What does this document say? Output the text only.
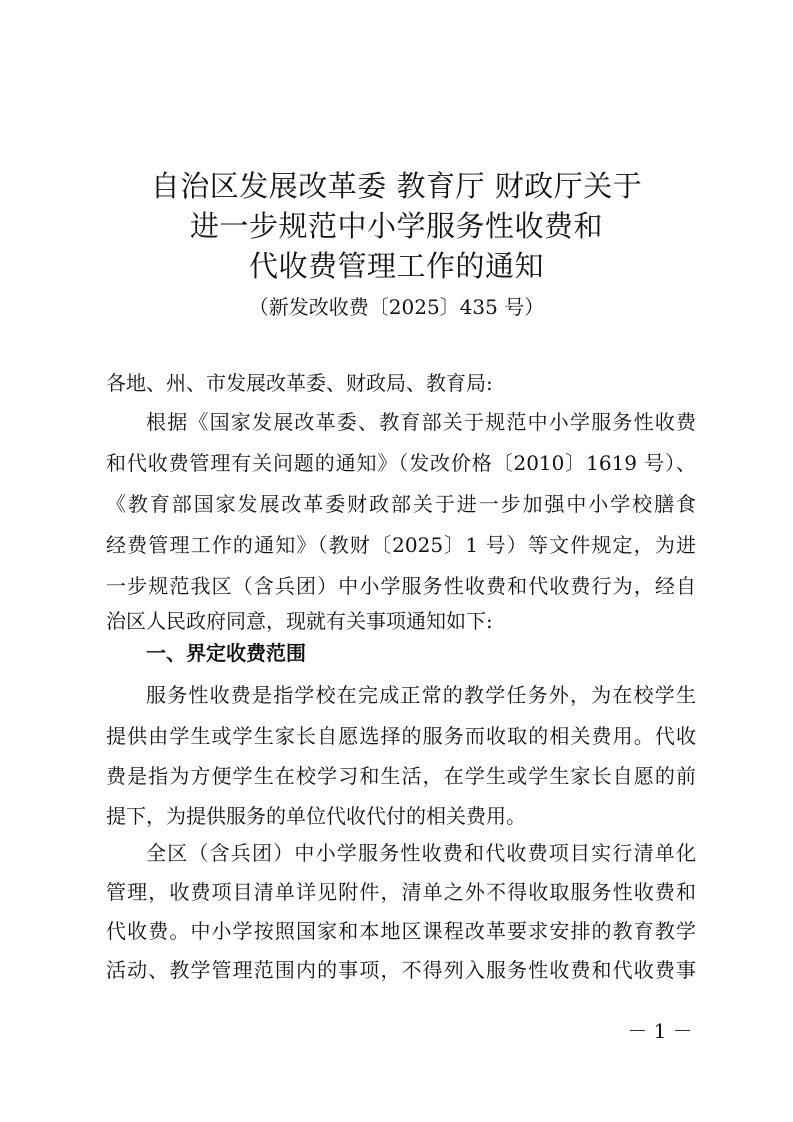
自治区发展改革委 教育厅 财政厅关于
进一步规范中小学服务性收费和
代收费管理工作的通知
（新发改收费〔2025〕435 号）
各地、州、市发展改革委、财政局、教育局:
根据《国家发展改革委、教育部关于规范中小学服务性收费
和代收费管理有关问题的通知》（发改价格〔2010〕1619 号）、
《教育部国家发展改革委财政部关于进一步加强中小学校膳食
经费管理工作的通知》（教财〔2025〕1 号）等文件规定，为进
一步规范我区（含兵团）中小学服务性收费和代收费行为，经自
治区人民政府同意，现就有关事项通知如下:
一、界定收费范围
服务性收费是指学校在完成正常的教学任务外，为在校学生
提供由学生或学生家长自愿选择的服务而收取的相关费用。代收
费是指为方便学生在校学习和生活，在学生或学生家长自愿的前
提下，为提供服务的单位代收代付的相关费用。
全区（含兵团）中小学服务性收费和代收费项目实行清单化
管理，收费项目清单详见附件，清单之外不得收取服务性收费和
代收费。中小学按照国家和本地区课程改革要求安排的教育教学
活动、教学管理范围内的事项，不得列入服务性收费和代收费事
－ 1 －
